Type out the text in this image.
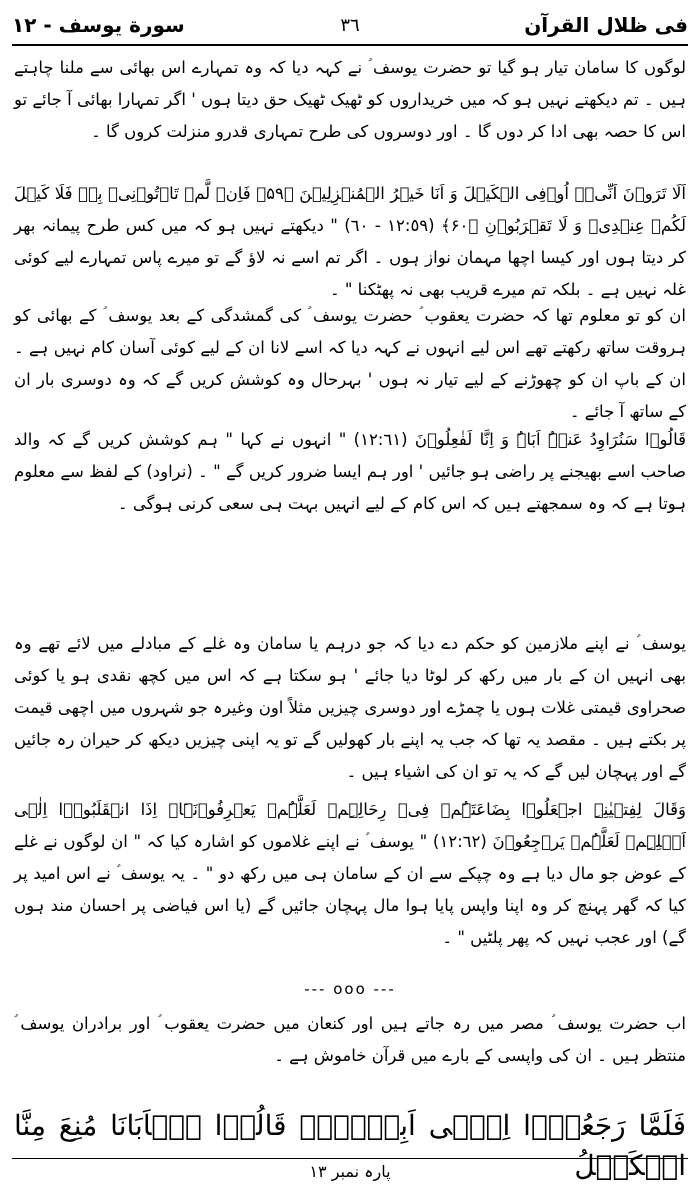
فی ظلال القرآن
٣٦
سورة یوسف - ١٢

لوگوں کا سامان تیار ہو گیا تو حضرت یوسف ؑ نے کہہ دیا کہ وہ تمہارے اس بھائی سے ملنا چاہتے ہیں ۔ تم دیکھتے نہیں ہو کہ میں خریداروں کو ٹھیک ٹھیک حق دیتا ہوں ' اگر تمہارا بھائی آ جائے تو اس کا حصہ بھی ادا کر دوں گا ۔ اور دوسروں کی طرح تمہاری قدرو منزلت کروں گا ۔

اَلَا تَرَوۡنَ اَنِّیۡۤ اُوۡفِی الۡکَیۡلَ وَ اَنَا خَیۡرُ الۡمُنۡزِلِیۡنَ ﴿۵۹﴾ فَاِنۡ لَّمۡ تَاۡتُوۡنِیۡ بِہٖ فَلَا کَیۡلَ لَکُمۡ عِنۡدِیۡ وَ لَا تَقۡرَبُوۡنِ ﴿۶۰﴾ (١٢:٥٩ - ٦٠) " دیکھتے نہیں ہو کہ میں کس طرح پیمانہ بھر کر دیتا ہوں اور کیسا اچھا مہمان نواز ہوں ۔ اگر تم اسے نہ لاؤ گے تو میرے پاس تمہارے لیے کوئی غلہ نہیں ہے ۔ بلکہ تم میرے قریب بھی نہ پھٹکنا " ۔

ان کو تو معلوم تھا کہ حضرت یعقوب ؑ حضرت یوسف ؑ کی گمشدگی کے بعد یوسف ؑ کے بھائی کو ہروقت ساتھ رکھتے تھے اس لیے انہوں نے کہہ دیا کہ اسے لانا ان کے لیے کوئی آسان کام نہیں ہے ۔ ان کے باپ ان کو چھوڑنے کے لیے تیار نہ ہوں ' بہرحال وہ کوشش کریں گے کہ وہ دوسری بار ان کے ساتھ آ جائے ۔

قَالُوۡا سَنُرَاوِدُ عَنۡہُ اَبَاہُ وَ اِنَّا لَفٰعِلُوۡنَ (١٢:٦١) " انہوں نے کہا " ہم کوشش کریں گے کہ والد صاحب اسے بھیجنے پر راضی ہو جائیں ' اور ہم ایسا ضرور کریں گے " ۔ (نراود) کے لفظ سے معلوم ہوتا ہے کہ وہ سمجھتے ہیں کہ اس کام کے لیے انہیں بہت ہی سعی کرنی ہوگی ۔

یوسف ؑ نے اپنے ملازمین کو حکم دے دیا کہ جو درہم یا سامان وہ غلے کے مبادلے میں لائے تھے وہ بھی انہیں ان کے بار میں رکھ کر لوٹا دیا جائے ' ہو سکتا ہے کہ اس میں کچھ نقدی ہو یا کوئی صحراوی قیمتی غلات ہوں یا چمڑے اور دوسری چیزیں مثلاً اون وغیرہ جو شہروں میں اچھی قیمت پر بکتے ہیں ۔ مقصد یہ تھا کہ جب یہ اپنے بار کھولیں گے تو یہ اپنی چیزیں دیکھ کر حیران رہ جائیں گے اور پہچان لیں گے کہ یہ تو ان کی اشیاء ہیں ۔

وَقَالَ لِفِتۡیٰنِہِ اجۡعَلُوۡا بِضَاعَتَہُمۡ فِیۡ رِحَالِہِمۡ لَعَلَّہُمۡ یَعۡرِفُوۡنَہَاۤ اِذَا انۡقَلَبُوۡۤا اِلٰۤی اَہۡلِہِمۡ لَعَلَّہُمۡ یَرۡجِعُوۡنَ (١٢:٦٢) " یوسف ؑ نے اپنے غلاموں کو اشارہ کیا کہ " ان لوگوں نے غلے کے عوض جو مال دیا ہے وہ چپکے سے ان کے سامان ہی میں رکھ دو " ۔ یہ یوسف ؑ نے اس امید پر کیا کہ گھر پہنچ کر وہ اپنا واپس پایا ہوا مال پہچان جائیں گے (یا اس فیاضی پر احسان مند ہوں گے) اور عجب نہیں کہ پھر پلٹیں " ۔

--- ooo ---

اب حضرت یوسف ؑ مصر میں رہ جاتے ہیں اور کنعان میں حضرت یعقوب ؑ اور برادران یوسف ؑ منتظر ہیں ۔ ان کی واپسی کے بارے میں قرآن خاموش ہے ۔

فَلَمَّا رَجَعُوۡۤا اِلٰۤی اَبِیۡہِمۡ قَالُوۡا یٰۤاَبَانَا مُنِعَ مِنَّا الۡکَیۡلُ

پارہ نمبر ١٣
